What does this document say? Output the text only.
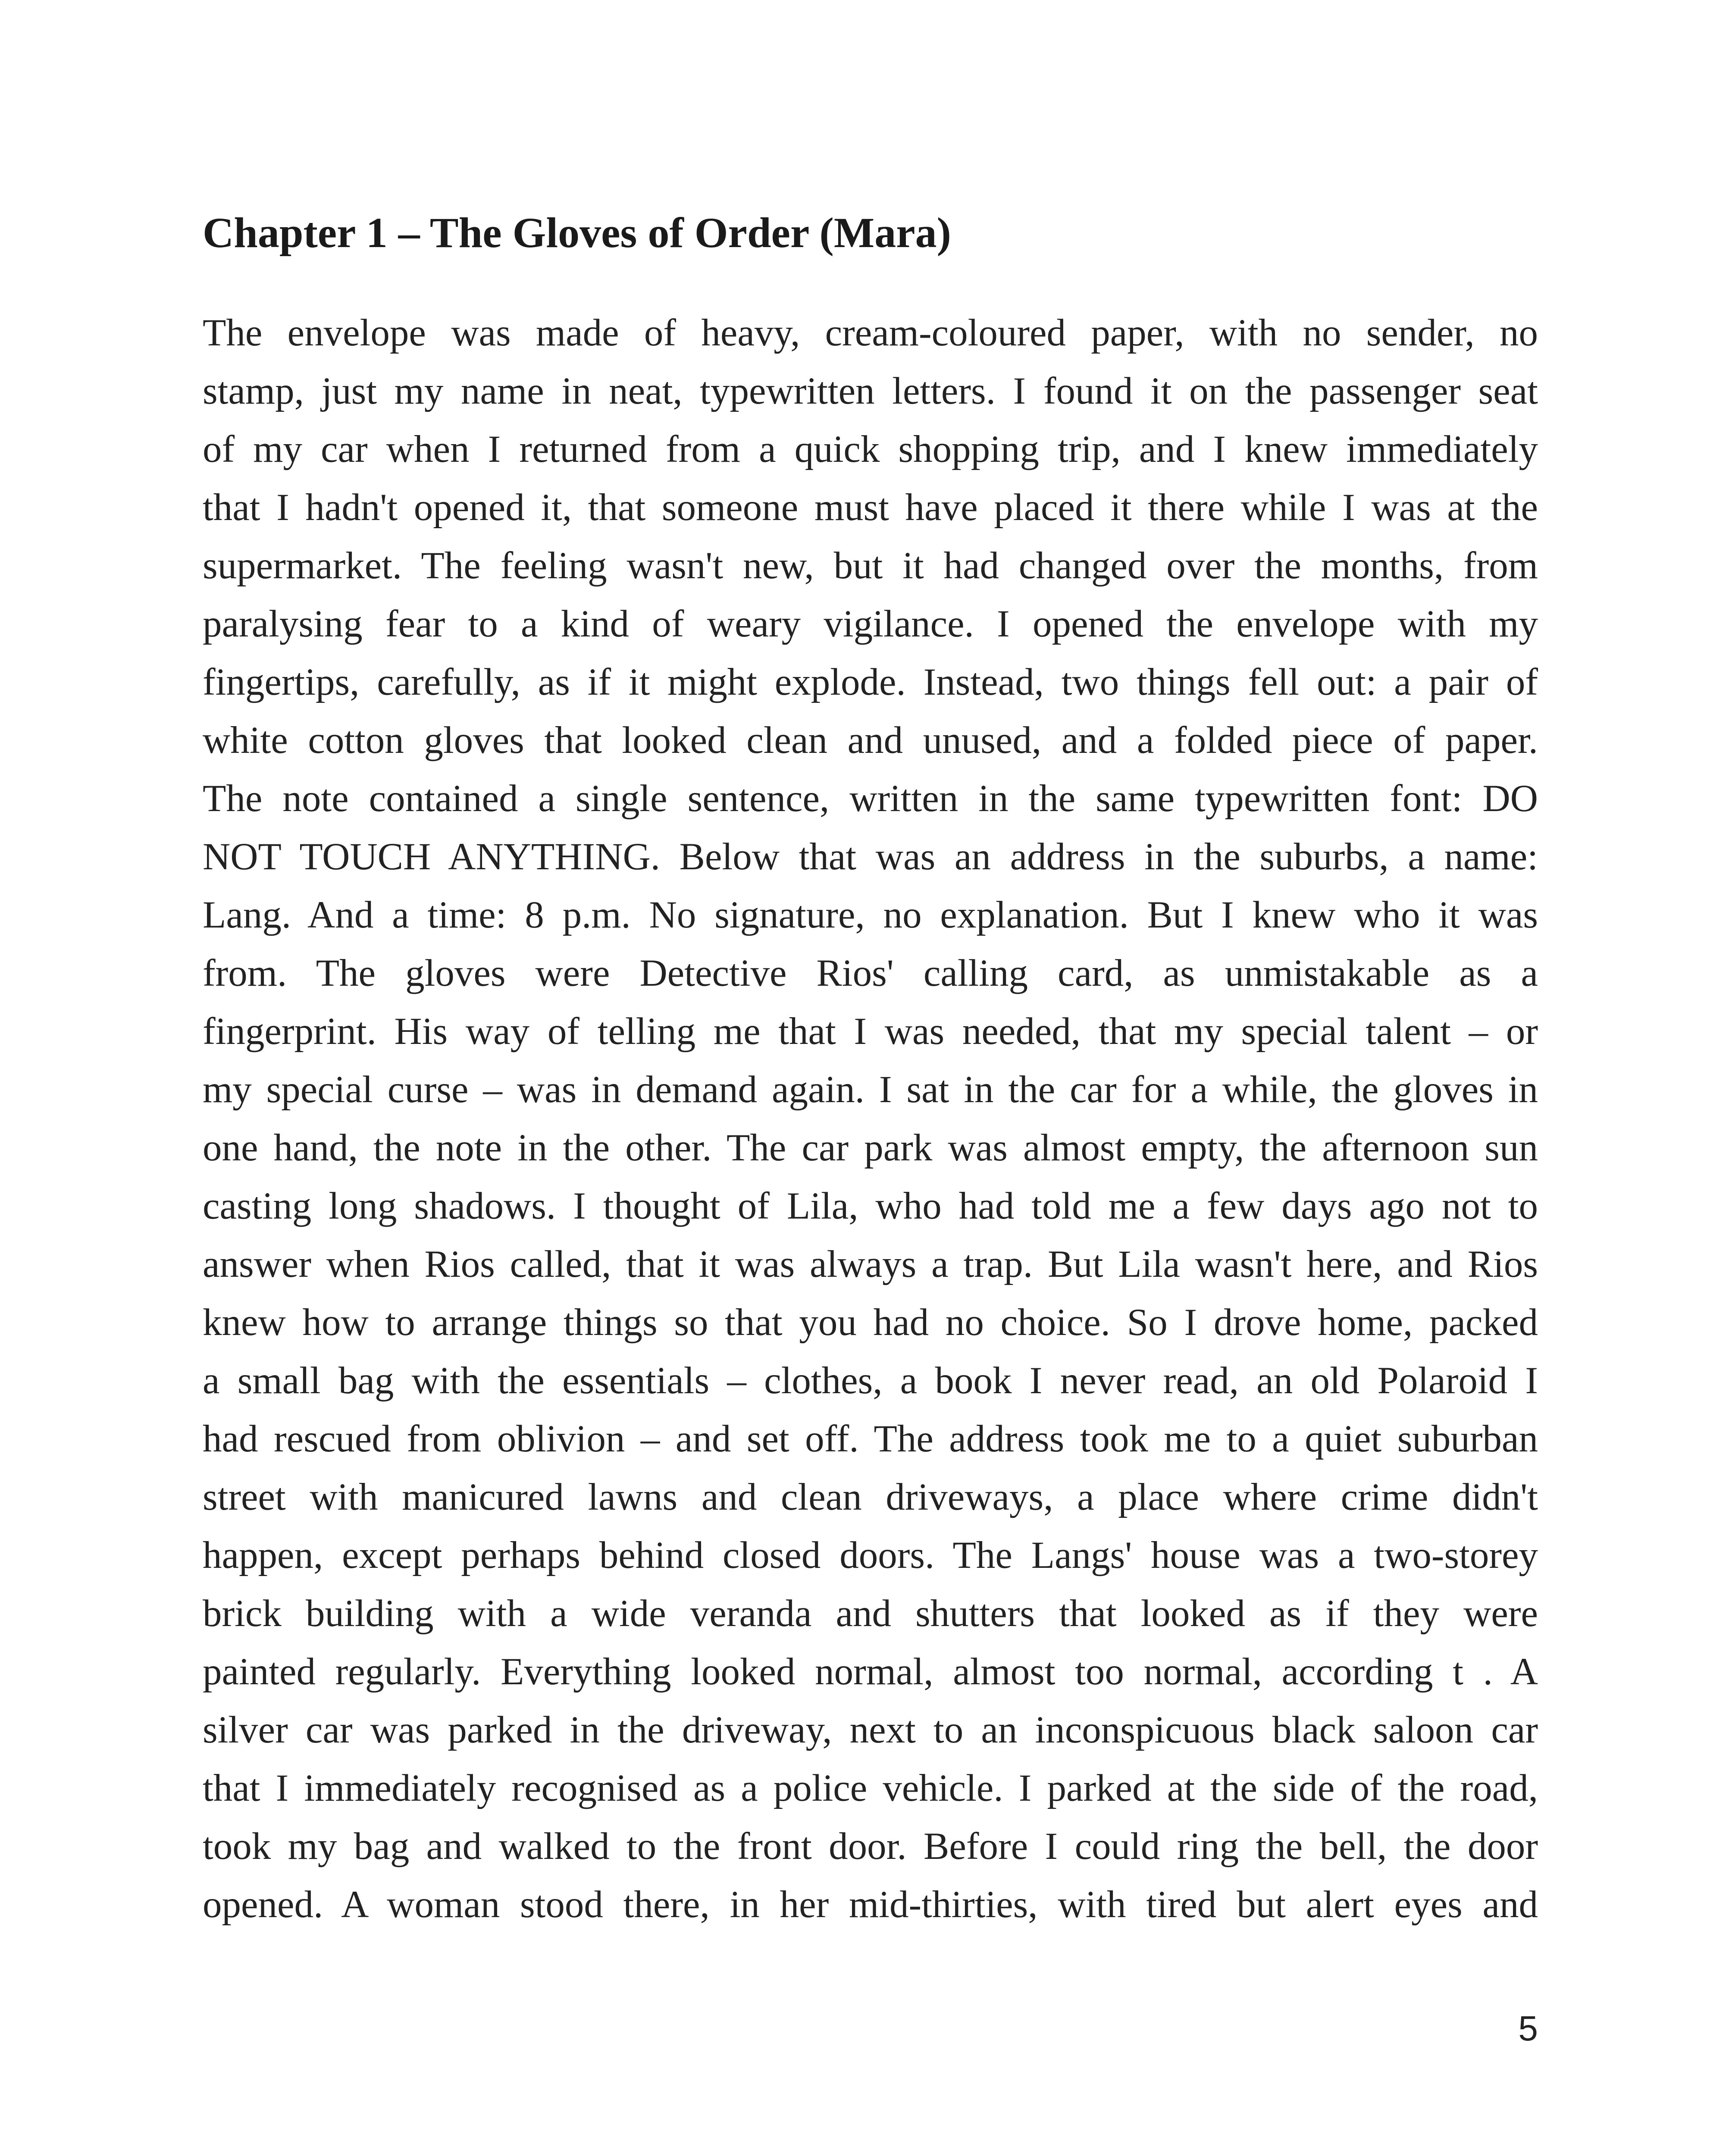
Chapter 1 – The Gloves of Order (Mara)
The envelope was made of heavy, cream-coloured paper, with no sender, no
stamp, just my name in neat, typewritten letters. I found it on the passenger seat
of my car when I returned from a quick shopping trip, and I knew immediately
that I hadn't opened it, that someone must have placed it there while I was at the
supermarket. The feeling wasn't new, but it had changed over the months, from
paralysing fear to a kind of weary vigilance. I opened the envelope with my
fingertips, carefully, as if it might explode. Instead, two things fell out: a pair of
white cotton gloves that looked clean and unused, and a folded piece of paper.
The note contained a single sentence, written in the same typewritten font: DO
NOT TOUCH ANYTHING. Below that was an address in the suburbs, a name:
Lang. And a time: 8 p.m. No signature, no explanation. But I knew who it was
from. The gloves were Detective Rios' calling card, as unmistakable as a
fingerprint. His way of telling me that I was needed, that my special talent – or
my special curse – was in demand again. I sat in the car for a while, the gloves in
one hand, the note in the other. The car park was almost empty, the afternoon sun
casting long shadows. I thought of Lila, who had told me a few days ago not to
answer when Rios called, that it was always a trap. But Lila wasn't here, and Rios
knew how to arrange things so that you had no choice. So I drove home, packed
a small bag with the essentials – clothes, a book I never read, an old Polaroid I
had rescued from oblivion – and set off. The address took me to a quiet suburban
street with manicured lawns and clean driveways, a place where crime didn't
happen, except perhaps behind closed doors. The Langs' house was a two-storey
brick building with a wide veranda and shutters that looked as if they were
painted regularly. Everything looked normal, almost too normal, according t . A
silver car was parked in the driveway, next to an inconspicuous black saloon car
that I immediately recognised as a police vehicle. I parked at the side of the road,
took my bag and walked to the front door. Before I could ring the bell, the door
opened. A woman stood there, in her mid-thirties, with tired but alert eyes and
5
